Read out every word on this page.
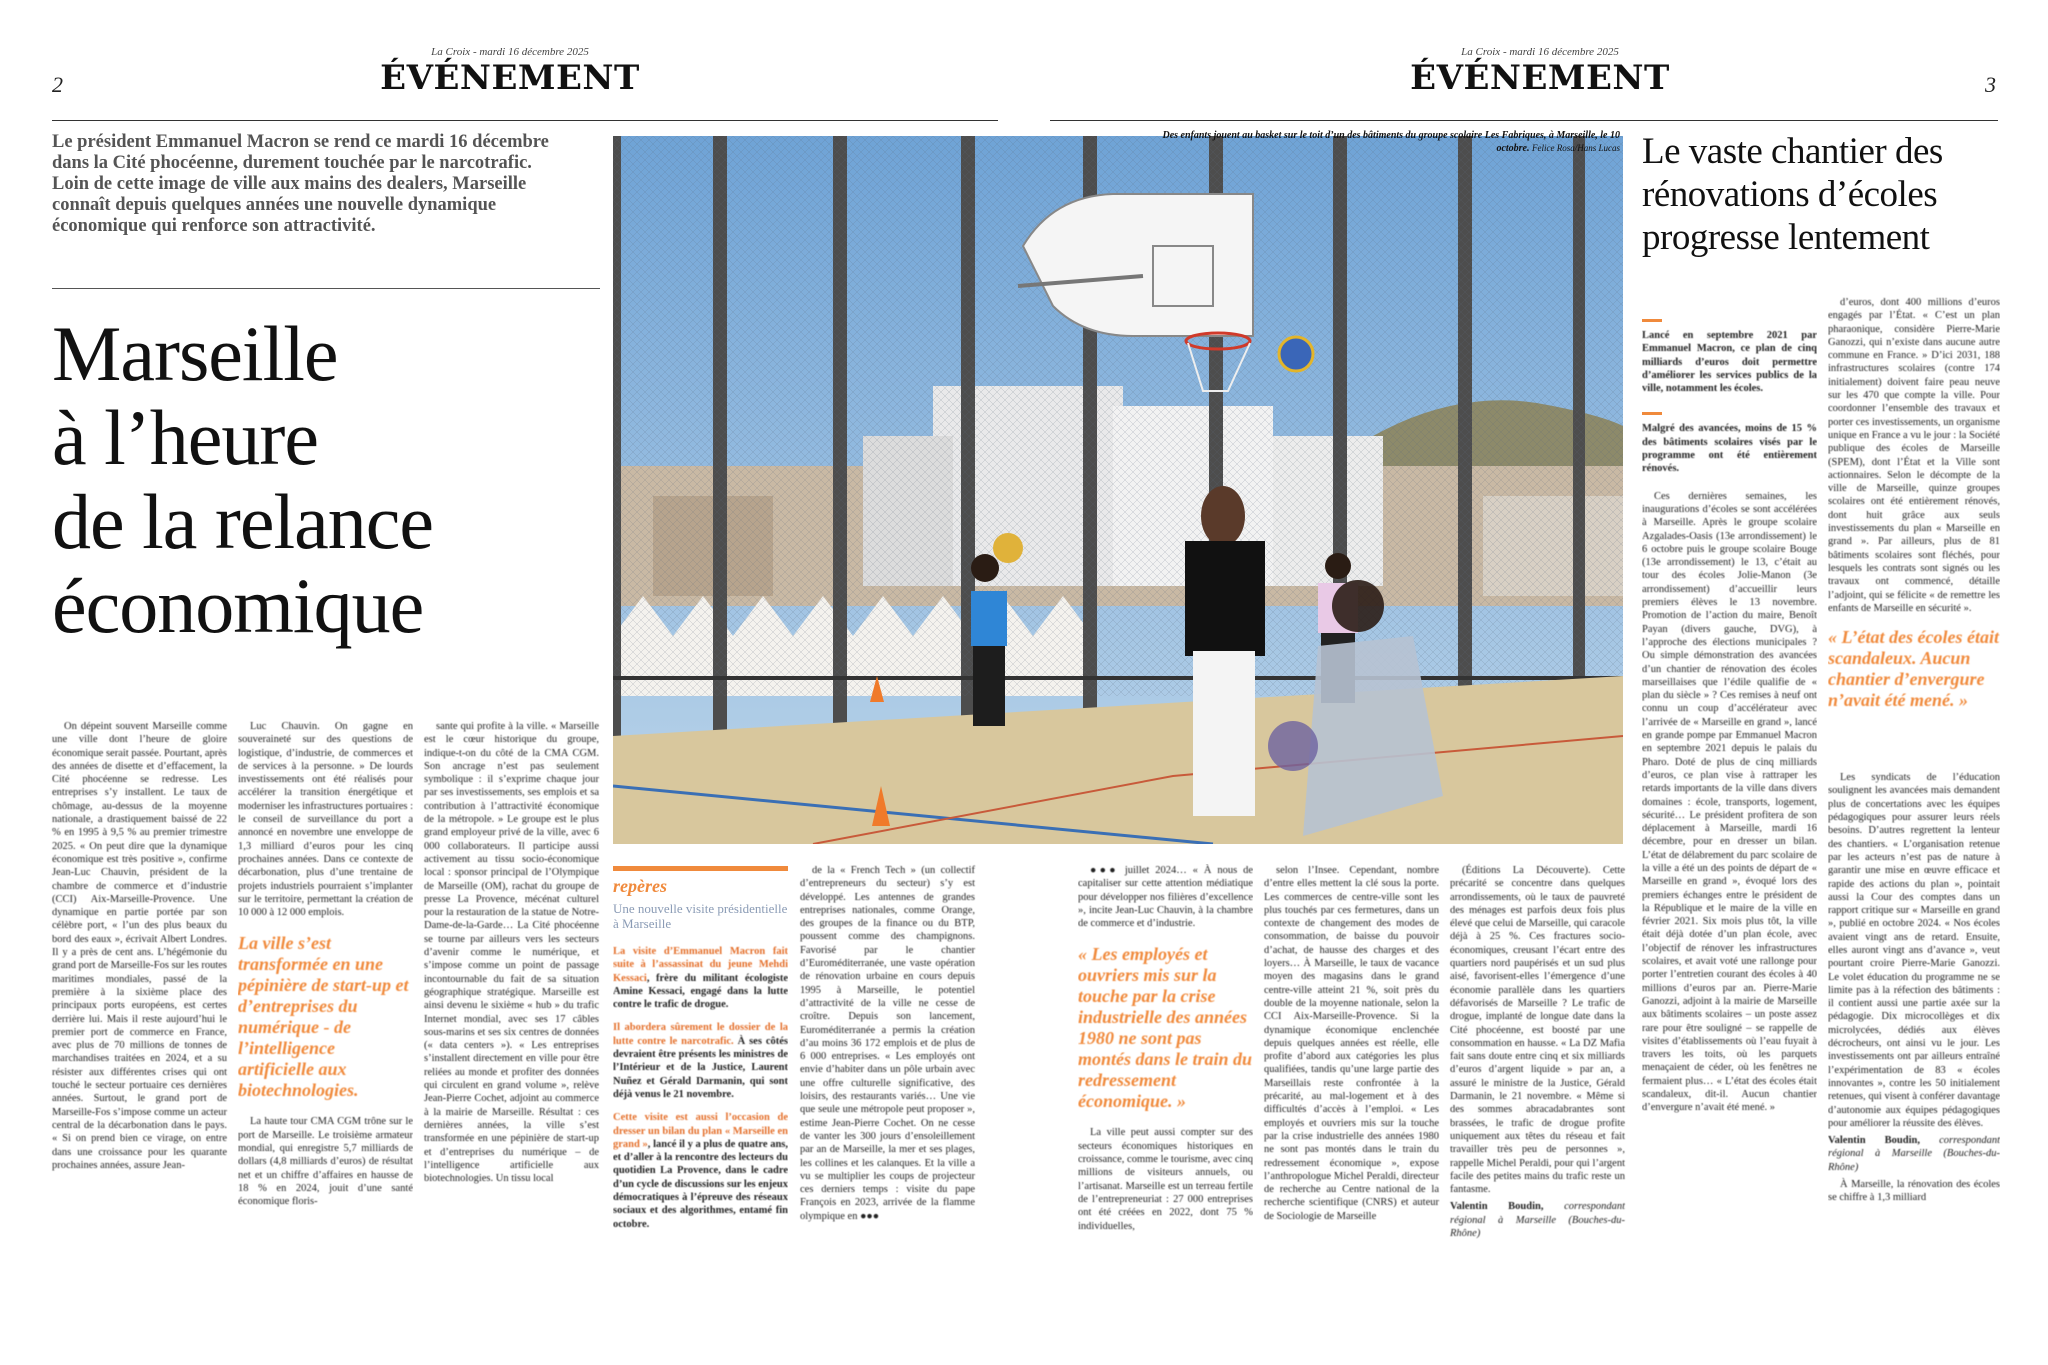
2
La Croix - mardi 16 décembre 2025
ÉVÉNEMENT
La Croix - mardi 16 décembre 2025
ÉVÉNEMENT	3
Le président Emmanuel Macron se rend ce mardi 16 décembre dans la Cité phocéenne, durement touchée par le narcotrafic. Loin de cette image de ville aux mains des dealers, Marseille connaît depuis quelques années une nouvelle dynamique économique qui renforce son attractivité.
Marseille
à l’heure
de la relance
économique

On dépeint souvent Marseille comme une ville dont l’heure de gloire économique serait passée. Pourtant, après des années de disette et d’effacement, la Cité phocéenne se redresse. Les entreprises s’y installent. Le taux de chômage, au-dessus de la moyenne nationale, a drastiquement baissé de 22 % en 1995 à 9,5 % au premier trimestre 2025. « On peut dire que la dynamique économique est très positive », confirme Jean-Luc Chauvin, président de la chambre de commerce et d’industrie (CCI) Aix-Marseille-Provence. Une dynamique en partie portée par son célèbre port, « l’un des plus beaux du bord des eaux », écrivait Albert Londres. Il y a près de cent ans. L’hégémonie du grand port de Marseille-Fos sur les routes maritimes mondiales, passé de la première à la sixième place des principaux ports européens, est certes derrière lui. Mais il reste aujourd’hui le premier port de commerce en France, avec plus de 70 millions de tonnes de marchandises traitées en 2024, et a su résister aux différentes crises qui ont touché le secteur portuaire ces dernières années. Surtout, le grand port de Marseille-Fos s’impose comme un acteur central de la décarbonation dans le pays. « Si on prend bien ce virage, on entre dans une croissance pour les quarante prochaines années, assure Jean-

Luc Chauvin. On gagne en souveraineté sur des questions de logistique, d’industrie, de commerces et de services à la personne. » De lourds investissements ont été réalisés pour accélérer la transition énergétique et moderniser les infrastructures portuaires : le conseil de surveillance du port a annoncé en novembre une enveloppe de 1,3 milliard d’euros pour les cinq prochaines années. Dans ce contexte de décarbonation, plus d’une trentaine de projets industriels pourraient s’implanter sur le territoire, permettant la création de 10 000 à 12 000 emplois.

La ville s’est transformée en une pépinière de start-up et d’entreprises du numérique - de l’intelligence artificielle aux biotechnologies.

La haute tour CMA CGM trône sur le port de Marseille. Le troisième armateur mondial, qui enregistre 5,7 milliards de dollars (4,8 milliards d’euros) de résultat net et un chiffre d’affaires en hausse de 18 % en 2024, jouit d’une santé économique floris-

sante qui profite à la ville. « Marseille est le cœur historique du groupe, indique-t-on du côté de la CMA CGM. Son ancrage n’est pas seulement symbolique : il s’exprime chaque jour par ses investissements, ses emplois et sa contribution à l’attractivité économique de la métropole. » Le groupe est le plus grand employeur privé de la ville, avec 6 000 collaborateurs. Il participe aussi activement au tissu socio-économique local : sponsor principal de l’Olympique de Marseille (OM), rachat du groupe de presse La Provence, mécénat culturel pour la restauration de la statue de Notre-Dame-de-la-Garde… La Cité phocéenne se tourne par ailleurs vers les secteurs d’avenir comme le numérique, et s’impose comme un point de passage incontournable du fait de sa situation géographique stratégique. Marseille est ainsi devenu le sixième « hub » du trafic Internet mondial, avec ses 17 câbles sous-marins et ses six centres de données (« data centers »). « Les entreprises s’installent directement en ville pour être reliées au monde et profiter des données qui circulent en grand volume », relève Jean-Pierre Cochet, adjoint au commerce à la mairie de Marseille. Résultat : ces dernières années, la ville s’est transformée en une pépinière de start-up et d’entreprises du numérique – de l’intelligence artificielle aux biotechnologies. Un tissu local

Des enfants jouent au basket sur le toit d’un des bâtiments du groupe scolaire Les Fabriques, à Marseille, le 10 octobre. Felice Rosa/Hans Lucas
repères
Une nouvelle visite présidentielle à Marseille
La visite d’Emmanuel Macron fait suite à l’assassinat du jeune Mehdi Kessaci, frère du militant écologiste Amine Kessaci, engagé dans la lutte contre le trafic de drogue.
Il abordera sûrement le dossier de la lutte contre le narcotrafic. À ses côtés devraient être présents les ministres de l’Intérieur et de la Justice, Laurent Nuñez et Gérald Darmanin, qui sont déjà venus le 21 novembre.
Cette visite est aussi l’occasion de dresser un bilan du plan « Marseille en grand », lancé il y a plus de quatre ans, et d’aller à la rencontre des lecteurs du quotidien La Provence, dans le cadre d’un cycle de discussions sur les enjeux démocratiques à l’épreuve des réseaux sociaux et des algorithmes, entamé fin octobre.

de la « French Tech » (un collectif d’entrepreneurs du secteur) s’y est développé. Les antennes de grandes entreprises nationales, comme Orange, des groupes de la finance ou du BTP, poussent comme des champignons. Favorisé par le chantier d’Euroméditerranée, une vaste opération de rénovation urbaine en cours depuis 1995 à Marseille, le potentiel d’attractivité de la ville ne cesse de croître. Depuis son lancement, Euroméditerranée a permis la création d’au moins 36 172 emplois et de plus de 6 000 entreprises. « Les employés ont envie d’habiter dans un pôle urbain avec une offre culturelle significative, des loisirs, des restaurants variés… Une vie que seule une métropole peut proposer », estime Jean-Pierre Cochet. On ne cesse de vanter les 300 jours d’ensoleillement par an de Marseille, la mer et ses plages, les collines et les calanques. Et la ville a vu se multiplier les coups de projecteur ces derniers temps : visite du pape François en 2023, arrivée de la flamme olympique en ●●●

●●● juillet 2024… « À nous de capitaliser sur cette attention médiatique pour développer nos filières d’excellence », incite Jean-Luc Chauvin, à la chambre de commerce et d’industrie.

« Les employés et ouvriers mis sur la touche par la crise industrielle des années 1980 ne sont pas montés dans le train du redressement économique. »

La ville peut aussi compter sur des secteurs économiques historiques en croissance, comme le tourisme, avec cinq millions de visiteurs annuels, ou l’artisanat. Marseille est un terreau fertile de l’entrepreneuriat : 27 000 entreprises ont été créées en 2022, dont 75 % individuelles,

selon l’Insee. Cependant, nombre d’entre elles mettent la clé sous la porte. Les commerces de centre-ville sont les plus touchés par ces fermetures, dans un contexte de changement des modes de consommation, de baisse du pouvoir d’achat, de hausse des charges et des loyers… À Marseille, le taux de vacance moyen des magasins dans le grand centre-ville atteint 21 %, soit près du double de la moyenne nationale, selon la CCI Aix-Marseille-Provence. Si la dynamique économique enclenchée depuis quelques années est réelle, elle profite d’abord aux catégories les plus qualifiées, tandis qu’une large partie des Marseillais reste confrontée à la précarité, au mal-logement et à des difficultés d’accès à l’emploi. « Les employés et ouvriers mis sur la touche par la crise industrielle des années 1980 ne sont pas montés dans le train du redressement économique », expose l’anthropologue Michel Peraldi, directeur de recherche au Centre national de la recherche scientifique (CNRS) et auteur de Sociologie de Marseille

(Éditions La Découverte). Cette précarité se concentre dans quelques arrondissements, où le taux de pauvreté des ménages est parfois deux fois plus élevé que celui de Marseille, qui caracole déjà à 25 %. Ces fractures socio-économiques, creusant l’écart entre des quartiers nord paupérisés et un sud plus aisé, favorisent-elles l’émergence d’une économie parallèle dans les quartiers défavorisés de Marseille ? Le trafic de drogue, implanté de longue date dans la Cité phocéenne, est boosté par une consommation en hausse. « La DZ Mafia fait sans doute entre cinq et six milliards d’euros d’argent liquide » par an, a assuré le ministre de la Justice, Gérald Darmanin, le 21 novembre. « Même si des sommes abracadabrantes sont brassées, le trafic de drogue profite uniquement aux têtes du réseau et fait travailler très peu de personnes », rappelle Michel Peraldi, pour qui l’argent facile des petites mains du trafic reste un fantasme.

Valentin Boudin, correspondant régional à Marseille (Bouches-du-Rhône)

Le vaste chantier des rénovations d’écoles progresse lentement
Lancé en septembre 2021 par Emmanuel Macron, ce plan de cinq milliards d’euros doit permettre d’améliorer les services publics de la ville, notamment les écoles.
Malgré des avancées, moins de 15 % des bâtiments scolaires visés par le programme ont été entièrement rénovés.

Ces dernières semaines, les inaugurations d’écoles se sont accélérées à Marseille. Après le groupe scolaire Azgalades-Oasis (13e arrondissement) le 6 octobre puis le groupe scolaire Bouge (13e arrondissement) le 13, c’était au tour des écoles Jolie-Manon (3e arrondissement) d’accueillir leurs premiers élèves le 13 novembre. Promotion de l’action du maire, Benoît Payan (divers gauche, DVG), à l’approche des élections municipales ? Ou simple démonstration des avancées d’un chantier de rénovation des écoles marseillaises que l’édile qualifie de « plan du siècle » ? Ces remises à neuf ont connu un coup d’accélérateur avec l’arrivée de « Marseille en grand », lancé en grande pompe par Emmanuel Macron en septembre 2021 depuis le palais du Pharo. Doté de plus de cinq milliards d’euros, ce plan vise à rattraper les retards importants de la ville dans divers domaines : école, transports, logement, sécurité… Le président profitera de son déplacement à Marseille, mardi 16 décembre, pour en dresser un bilan. L’état de délabrement du parc scolaire de la ville a été un des points de départ de « Marseille en grand », évoqué lors des premiers échanges entre le président de la République et le maire de la ville en février 2021. Six mois plus tôt, la ville était déjà dotée d’un plan école, avec l’objectif de rénover les infrastructures scolaires, et avait voté une rallonge pour porter l’entretien courant des écoles à 40 millions d’euros par an. Pierre-Marie Ganozzi, adjoint à la mairie de Marseille aux bâtiments scolaires – un poste assez rare pour être souligné – se rappelle de visites d’établissements où l’eau fuyait à travers les toits, où les parquets menaçaient de céder, où les fenêtres ne fermaient plus… « L’état des écoles était scandaleux, dit-il. Aucun chantier d’envergure n’avait été mené. »

d’euros, dont 400 millions d’euros engagés par l’État. « C’est un plan pharaonique, considère Pierre-Marie Ganozzi, qui n’existe dans aucune autre commune en France. » D’ici 2031, 188 infrastructures scolaires (contre 174 initialement) doivent faire peau neuve sur les 470 que compte la ville. Pour coordonner l’ensemble des travaux et porter ces investissements, un organisme unique en France a vu le jour : la Société publique des écoles de Marseille (SPEM), dont l’État et la Ville sont actionnaires. Selon le décompte de la ville de Marseille, quinze groupes scolaires ont été entièrement rénovés, dont huit grâce aux seuls investissements du plan « Marseille en grand ». Par ailleurs, plus de 81 bâtiments scolaires sont fléchés, pour lesquels les contrats sont signés ou les travaux ont commencé, détaille l’adjoint, qui se félicite « de remettre les enfants de Marseille en sécurité ».

« L’état des écoles était scandaleux. Aucun chantier d’envergure n’avait été mené. »

Les syndicats de l’éducation soulignent les avancées mais demandent plus de concertations avec les équipes pédagogiques pour assurer leurs réels besoins. D’autres regrettent la lenteur des chantiers. « L’organisation retenue par les acteurs n’est pas de nature à garantir une mise en œuvre efficace et rapide des actions du plan », pointait aussi la Cour des comptes dans un rapport critique sur « Marseille en grand », publié en octobre 2024. « Nos écoles avaient vingt ans de retard. Ensuite, elles auront vingt ans d’avance », veut pourtant croire Pierre-Marie Ganozzi. Le volet éducation du programme ne se limite pas à la réfection des bâtiments : il contient aussi une partie axée sur la pédagogie. Dix microcollèges et dix microlycées, dédiés aux élèves décrocheurs, ont ainsi vu le jour. Les investissements ont par ailleurs entraîné l’expérimentation de 83 « écoles innovantes », contre les 50 initialement retenues, qui visent à conférer davantage d’autonomie aux équipes pédagogiques pour améliorer la réussite des élèves.

Valentin Boudin, correspondant régional à Marseille (Bouches-du-Rhône)

À Marseille, la rénovation des écoles se chiffre à 1,3 milliard
